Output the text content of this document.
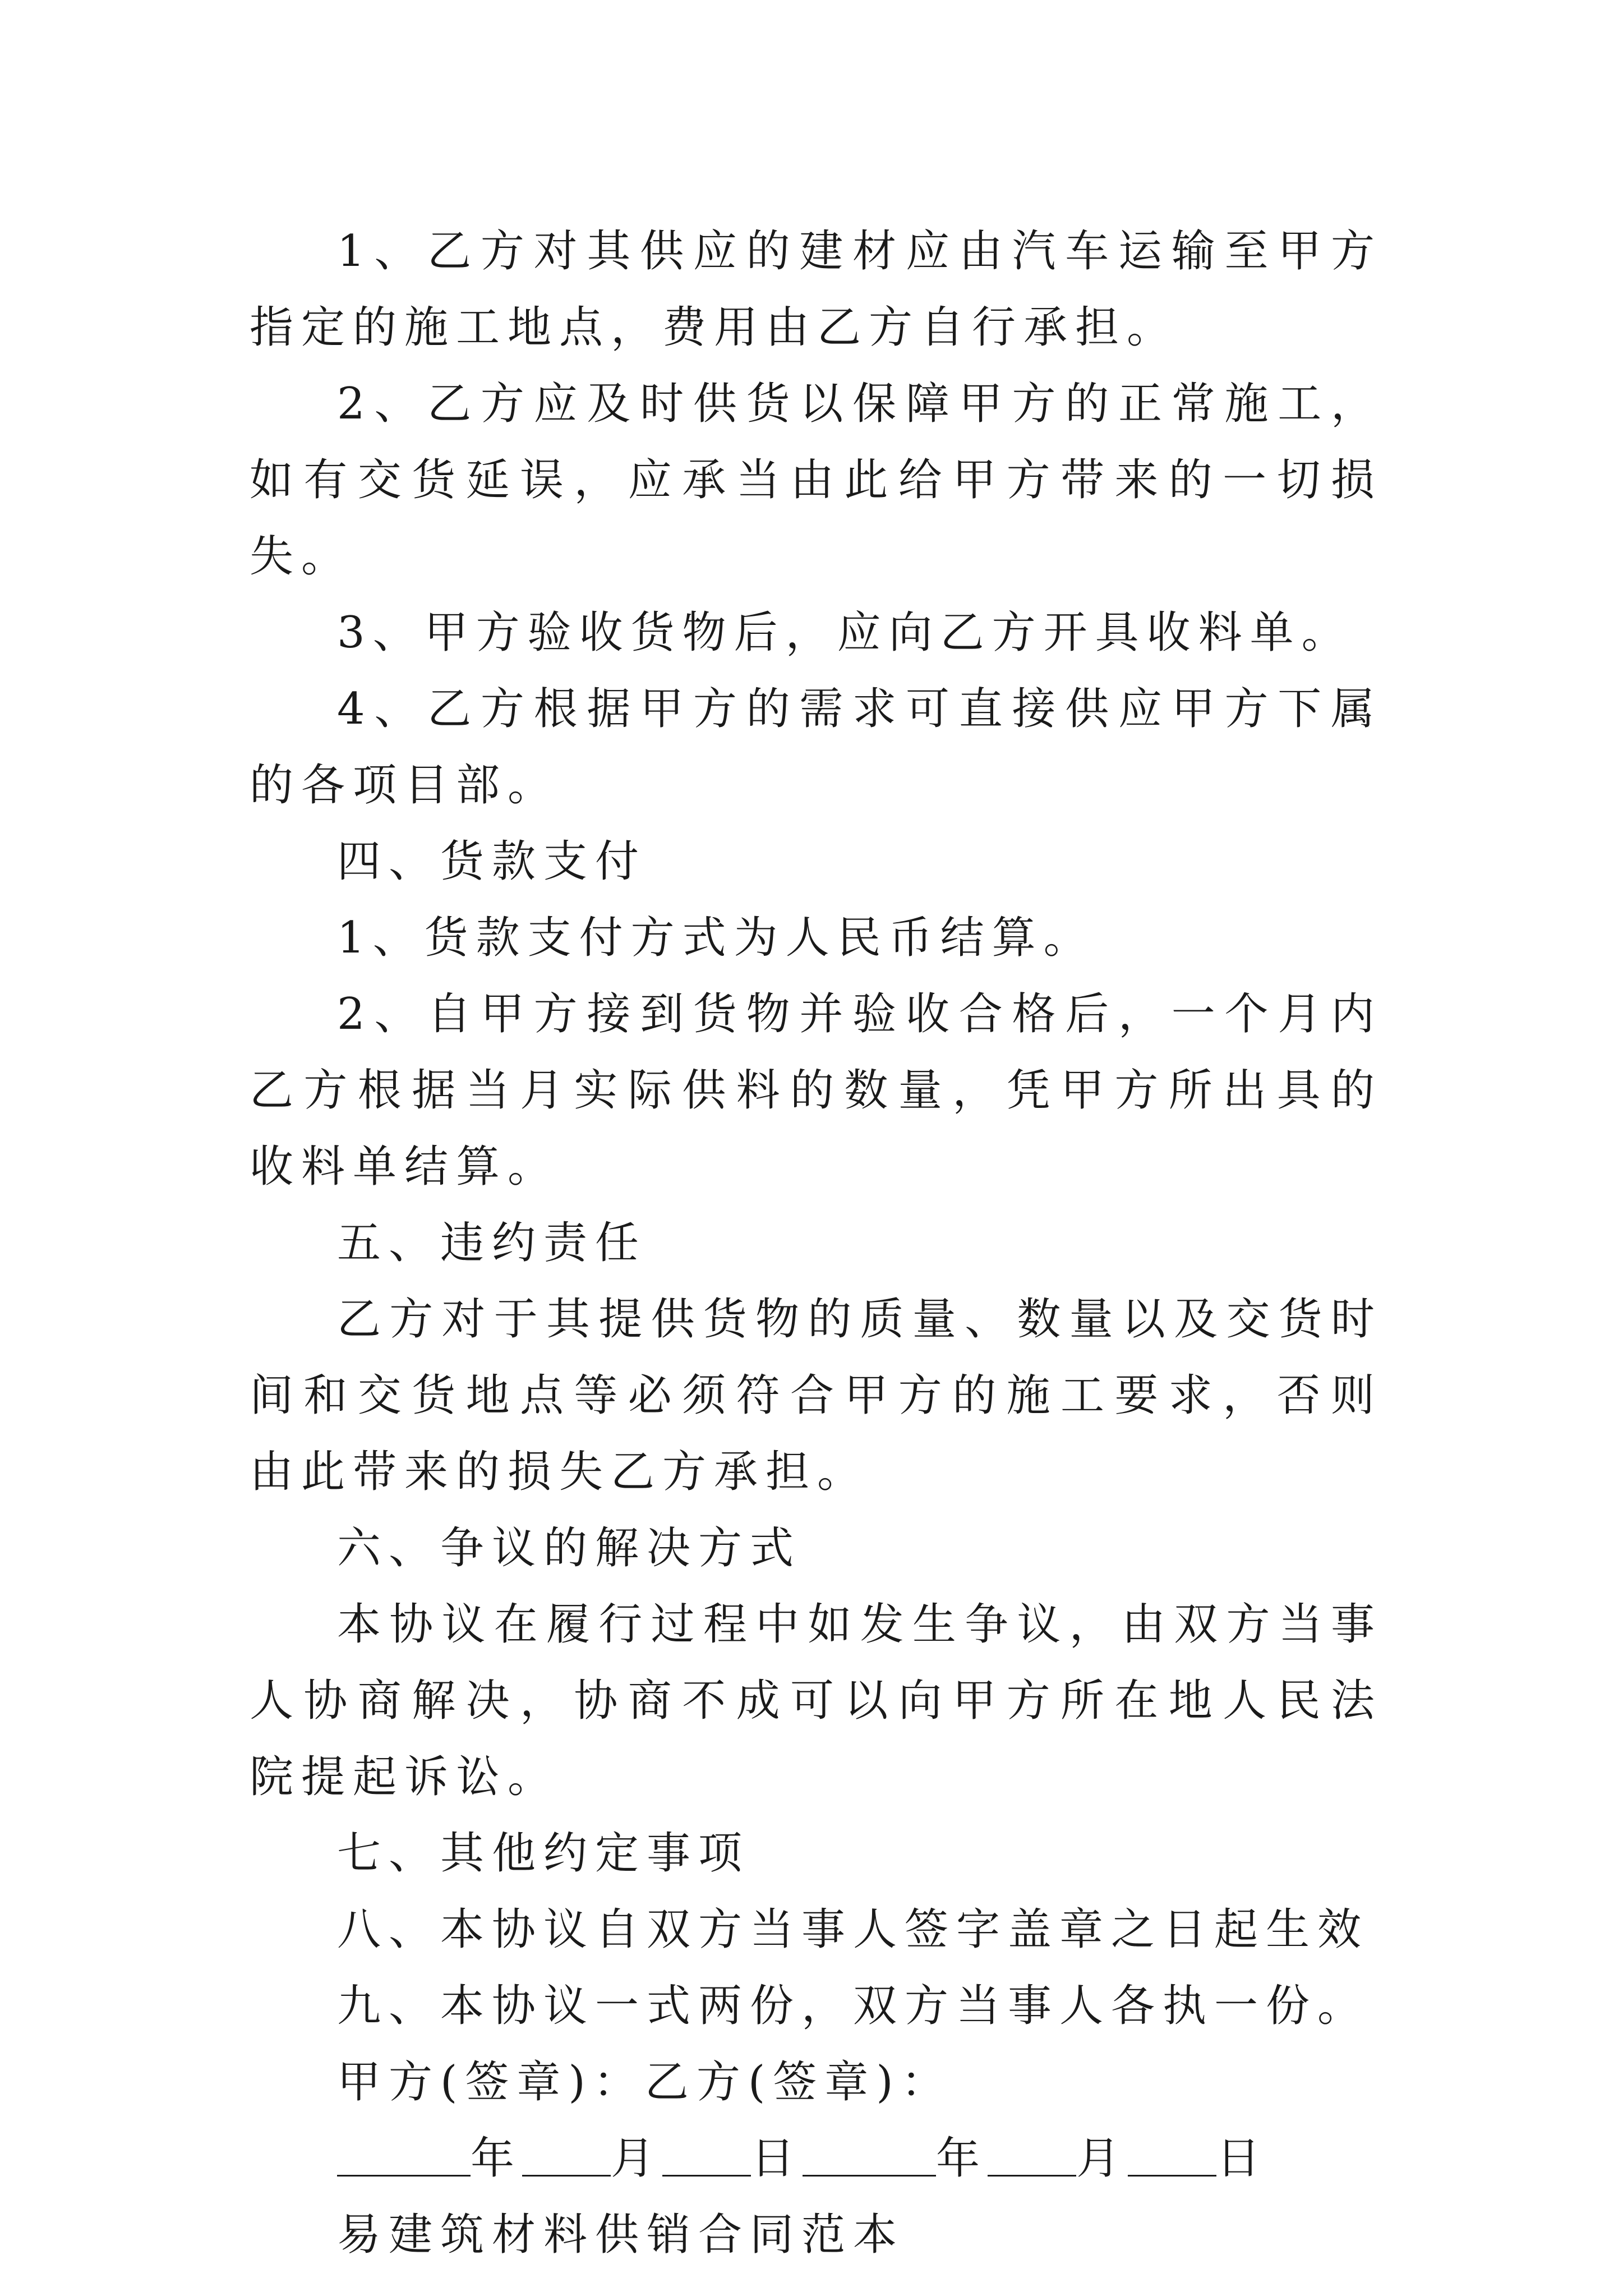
1、乙方对其供应的建材应由汽车运输至甲方指定的施工地点，费用由乙方自行承担。

2、乙方应及时供货以保障甲方的正常施工，如有交货延误，应承当由此给甲方带来的一切损失。

3、甲方验收货物后，应向乙方开具收料单。

4、乙方根据甲方的需求可直接供应甲方下属的各项目部。

四、货款支付

1、货款支付方式为人民币结算。

2、自甲方接到货物并验收合格后，一个月内乙方根据当月实际供料的数量，凭甲方所出具的收料单结算。

五、违约责任

乙方对于其提供货物的质量、数量以及交货时间和交货地点等必须符合甲方的施工要求，否则由此带来的损失乙方承担。

六、争议的解决方式

本协议在履行过程中如发生争议，由双方当事人协商解决，协商不成可以向甲方所在地人民法院提起诉讼。

七、其他约定事项

八、本协议自双方当事人签字盖章之日起生效

九、本协议一式两份，双方当事人各执一份。

甲方(签章)：乙方(签章)：

年 月 日	年 月 日

易建筑材料供销合同范本
